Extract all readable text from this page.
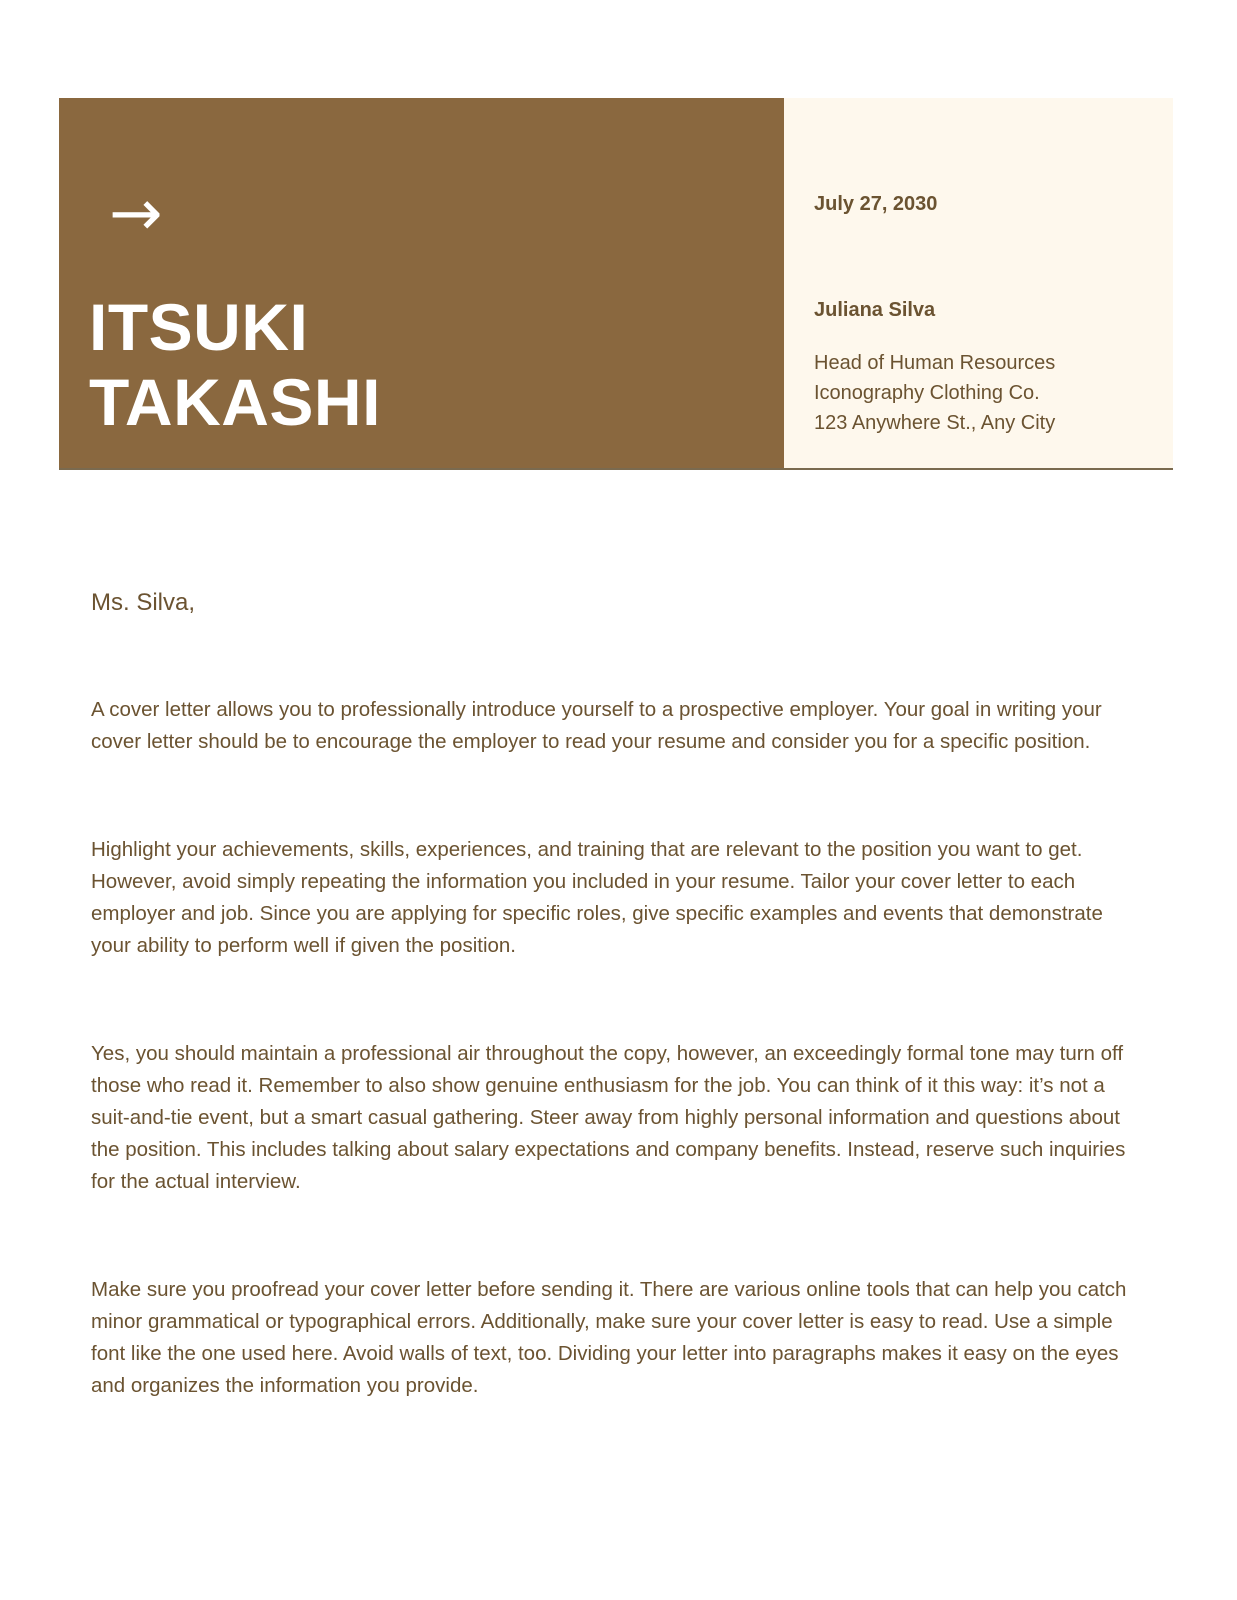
→
ITSUKI
TAKASHI
July 27, 2030
Juliana Silva
Head of Human Resources
Iconography Clothing Co.
123 Anywhere St., Any City

Ms. Silva,

A cover letter allows you to professionally introduce yourself to a prospective employer. Your goal in writing your cover letter should be to encourage the employer to read your resume and consider you for a specific position.

Highlight your achievements, skills, experiences, and training that are relevant to the position you want to get. However, avoid simply repeating the information you included in your resume. Tailor your cover letter to each employer and job. Since you are applying for specific roles, give specific examples and events that demonstrate your ability to perform well if given the position.

Yes, you should maintain a professional air throughout the copy, however, an exceedingly formal tone may turn off those who read it. Remember to also show genuine enthusiasm for the job. You can think of it this way: it’s not a suit-and-tie event, but a smart casual gathering. Steer away from highly personal information and questions about the position. This includes talking about salary expectations and company benefits. Instead, reserve such inquiries for the actual interview.

Make sure you proofread your cover letter before sending it. There are various online tools that can help you catch minor grammatical or typographical errors. Additionally, make sure your cover letter is easy to read. Use a simple font like the one used here. Avoid walls of text, too. Dividing your letter into paragraphs makes it easy on the eyes and organizes the information you provide.
